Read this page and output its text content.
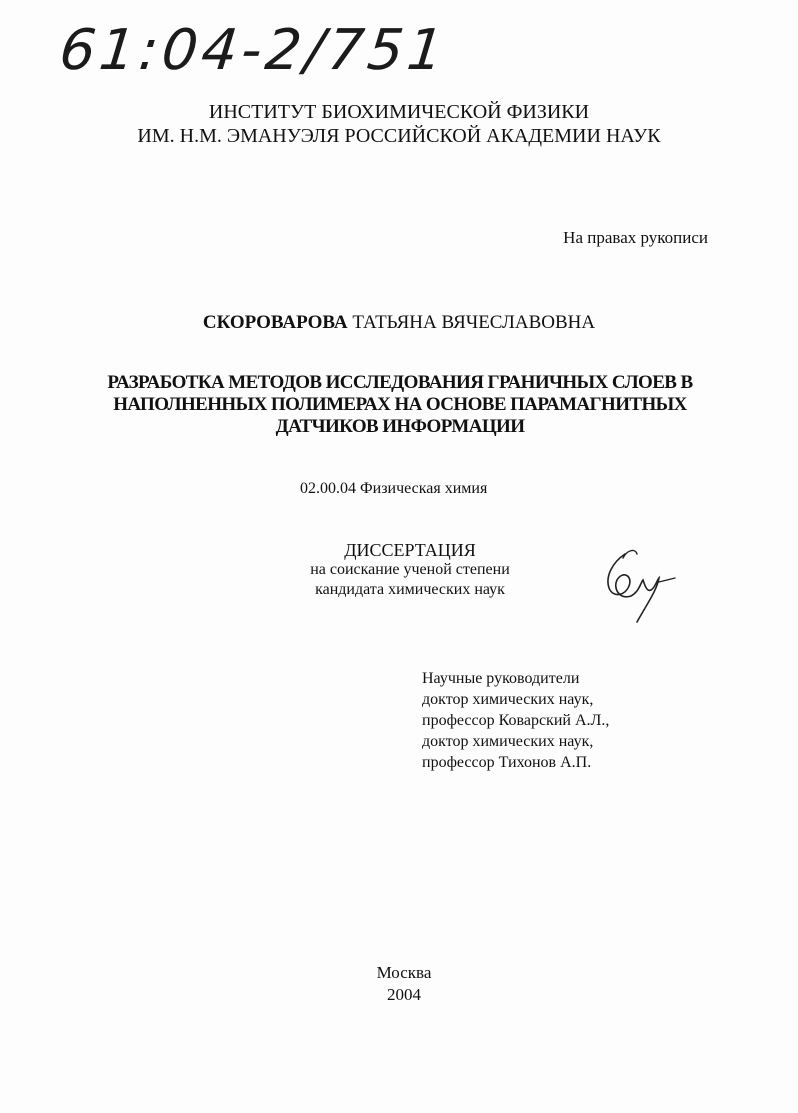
61:04-2/751
ИНСТИТУТ БИОХИМИЧЕСКОЙ ФИЗИКИ
ИМ. Н.М. ЭМАНУЭЛЯ РОССИЙСКОЙ АКАДЕМИИ НАУК
На правах рукописи
СКОРОВАРОВА ТАТЬЯНА ВЯЧЕСЛАВОВНА
РАЗРАБОТКА МЕТОДОВ ИССЛЕДОВАНИЯ ГРАНИЧНЫХ СЛОЕВ В
НАПОЛНЕННЫХ ПОЛИМЕРАХ НА ОСНОВЕ ПАРАМАГНИТНЫХ
ДАТЧИКОВ ИНФОРМАЦИИ
02.00.04 Физическая химия
ДИССЕРТАЦИЯ
на соискание ученой степени
кандидата химических наук
Научные руководители
доктор химических наук,
профессор Коварский А.Л.,
доктор химических наук,
профессор Тихонов А.П.
Москва
2004
